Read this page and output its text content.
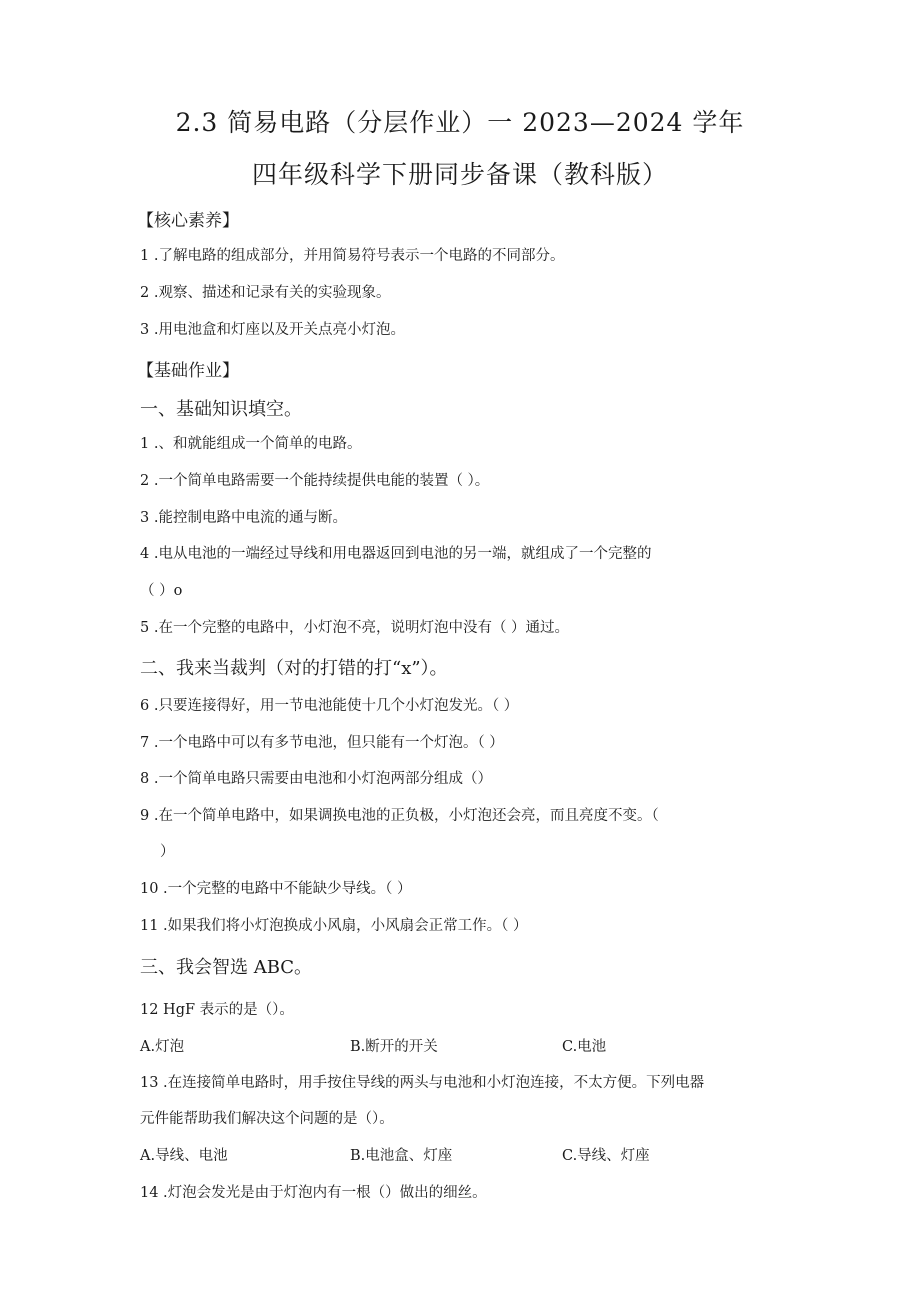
2.3 简易电路（分层作业）一 2023—2024 学年
四年级科学下册同步备课（教科版）
【核心素养】
1 .了解电路的组成部分，并用简易符号表示一个电路的不同部分。
2 .观察、描述和记录有关的实验现象。
3 .用电池盒和灯座以及开关点亮小灯泡。
【基础作业】
一、基础知识填空。
1 .、和就能组成一个简单的电路。
2 .一个简单电路需要一个能持续提供电能的装置（ ）。
3 .能控制电路中电流的通与断。
4 .电从电池的一端经过导线和用电器返回到电池的另一端，就组成了一个完整的
（ ）o
5 .在一个完整的电路中，小灯泡不亮，说明灯泡中没有（ ）通过。
二、我来当裁判（对的打错的打“x”）。
6 .只要连接得好，用一节电池能使十几个小灯泡发光。（ ）
7 .一个电路中可以有多节电池，但只能有一个灯泡。（ ）
8 .一个简单电路只需要由电池和小灯泡两部分组成（）
9 .在一个简单电路中，如果调换电池的正负极，小灯泡还会亮，而且亮度不变。（
）
10 .一个完整的电路中不能缺少导线。（ ）
11 .如果我们将小灯泡换成小风扇，小风扇会正常工作。（ ）
三、我会智选 ABC。
12 HgF 表示的是（）。
A.灯泡	B.断开的开关	C.电池
13 .在连接简单电路时，用手按住导线的两头与电池和小灯泡连接，不太方便。下列电器
元件能帮助我们解决这个问题的是（）。
A.导线、电池	B.电池盒、灯座	C.导线、灯座
14 .灯泡会发光是由于灯泡内有一根（）做出的细丝。
